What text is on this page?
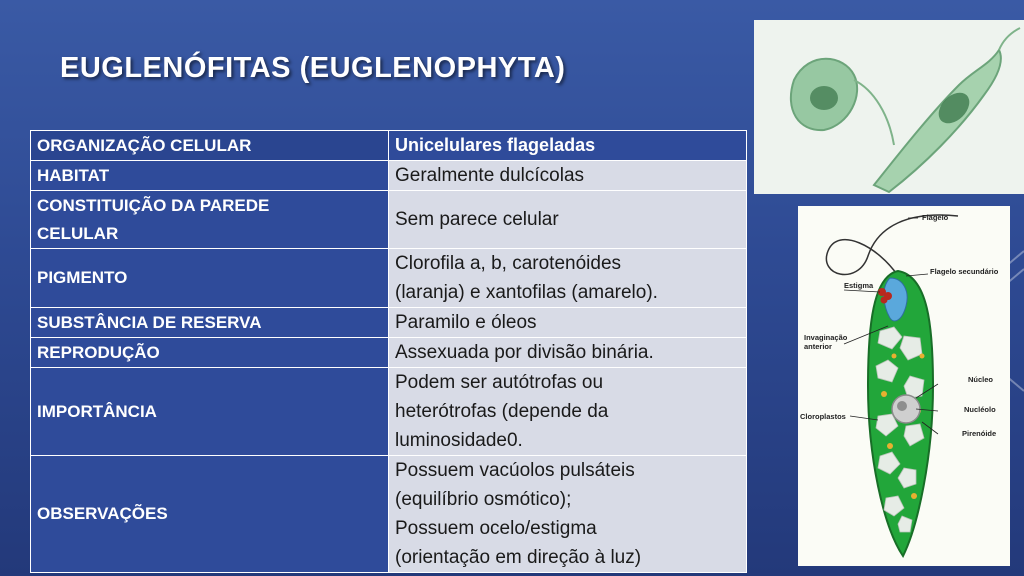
EUGLENÓFITAS (EUGLENOPHYTA)
ORGANIZAÇÃO CELULAR	Unicelulares flageladas
HABITAT	Geralmente dulcícolas
CONSTITUIÇÃO DA PAREDE
CELULAR	Sem parece celular
PIGMENTO	Clorofila a, b, carotenóides
(laranja) e xantofilas (amarelo).
SUBSTÂNCIA DE RESERVA	Paramilo e óleos
REPRODUÇÃO	Assexuada por divisão binária.
IMPORTÂNCIA	Podem ser autótrofas ou
heterótrofas (depende da
luminosidade0.
OBSERVAÇÕES	Possuem vacúolos pulsáteis
(equilíbrio osmótico);
Possuem ocelo/estigma
(orientação em direção à luz)
Flagelo
Flagelo secundário
Estigma
Invaginação
anterior
Núcleo
Cloroplastos
Nucléolo
Pirenóide
